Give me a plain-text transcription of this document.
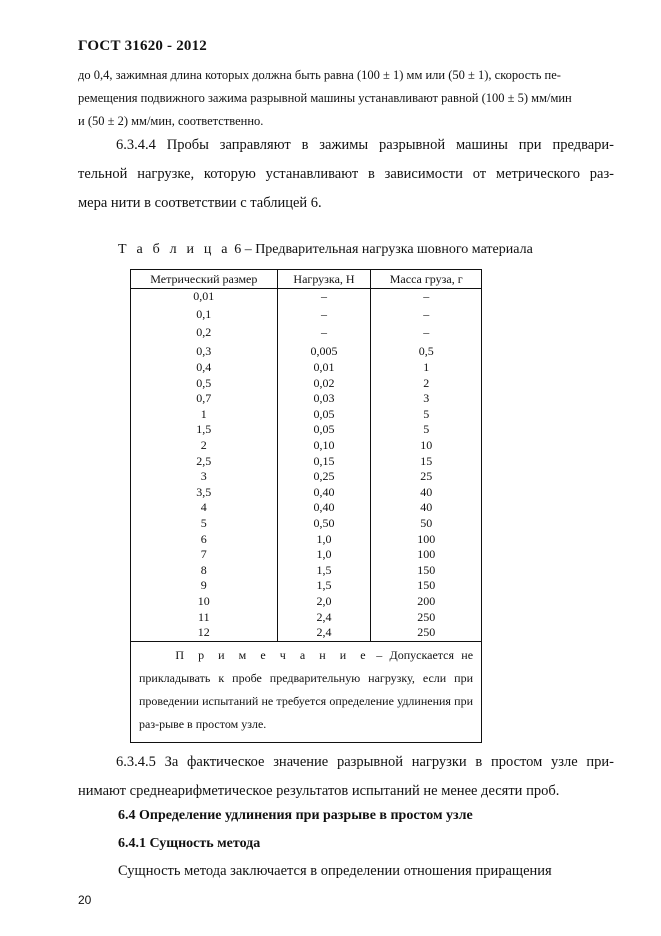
ГОСТ 31620 - 2012
до 0,4, зажимная длина которых должна быть равна (100 ± 1) мм или (50 ± 1), скорость пе-
ремещения подвижного зажима разрывной машины устанавливают равной (100 ± 5) мм/мин
и (50 ± 2) мм/мин, соответственно.
6.3.4.4 Пробы заправляют в зажимы разрывной машины при предвари-
тельной нагрузке, которую устанавливают в зависимости от метрического раз-
мера нити в соответствии с таблицей 6.
Т а б л и ц а 6 – Предварительная нагрузка шовного материала
Метрический размер	Нагрузка, Н	Масса груза, г
0,01	–	–
0,1	–	–
0,2	–	–
0,3	0,005	0,5
0,4	0,01	1
0,5	0,02	2
0,7	0,03	3
1	0,05	5
1,5	0,05	5
2	0,10	10
2,5	0,15	15
3	0,25	25
3,5	0,40	40
4	0,40	40
5	0,50	50
6	1,0	100
7	1,0	100
8	1,5	150
9	1,5	150
10	2,0	200
11	2,4	250
12	2,4	250
П р и м е ч а н и е – Допускается не прикладывать к пробе предварительную нагрузку, если при проведении испытаний не требуется определение удлинения при раз-рыве в простом узле.		
6.3.4.5 За фактическое значение разрывной нагрузки в простом узле при-
нимают среднеарифметическое результатов испытаний не менее десяти проб.
6.4 Определение удлинения при разрыве в простом узле
6.4.1 Сущность метода
Сущность метода заключается в определении отношения приращения
20
